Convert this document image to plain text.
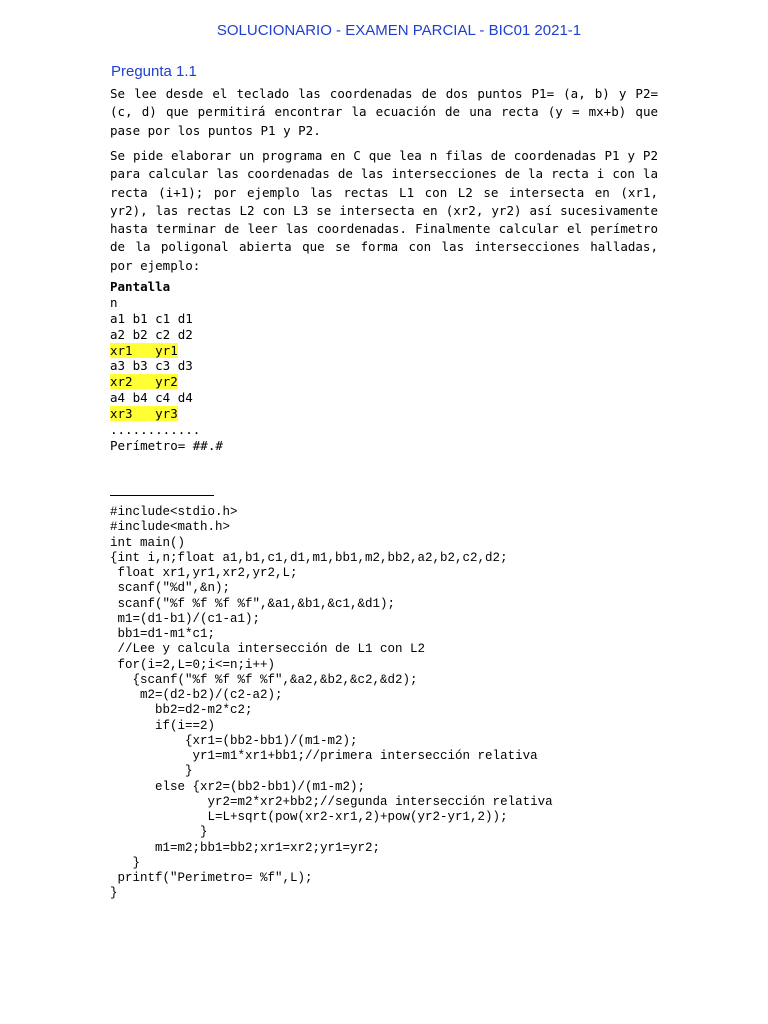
SOLUCIONARIO - EXAMEN PARCIAL - BIC01 2021-1
Pregunta 1.1

Se lee desde el teclado las coordenadas de dos puntos P1= (a, b) y P2= (c, d) que permitirá encontrar la ecuación de una recta (y = mx+b) que pase por los puntos P1 y P2.

Se pide elaborar un programa en C que lea n filas de coordenadas P1 y P2 para calcular las coordenadas de las intersecciones de la recta i con la recta (i+1); por ejemplo las rectas L1 con L2 se intersecta en (xr1, yr2), las rectas L2 con L3 se intersecta en (xr2, yr2) así sucesivamente hasta terminar de leer las coordenadas. Finalmente calcular el perímetro de la poligonal abierta que se forma con las intersecciones halladas, por ejemplo:

Pantalla
n
a1 b1 c1 d1
a2 b2 c2 d2
xr1   yr1
a3 b3 c3 d3
xr2   yr2
a4 b4 c4 d4
xr3   yr3
............
Perímetro= ##.#
#include<stdio.h>
#include<math.h>
int main()
{int i,n;float a1,b1,c1,d1,m1,bb1,m2,bb2,a2,b2,c2,d2;
float xr1,yr1,xr2,yr2,L;
scanf("%d",&n);
scanf("%f %f %f %f",&a1,&b1,&c1,&d1);
m1=(d1-b1)/(c1-a1);
bb1=d1-m1*c1;
//Lee y calcula intersección de L1 con L2
for(i=2,L=0;i<=n;i++)
{scanf("%f %f %f %f",&a2,&b2,&c2,&d2);
m2=(d2-b2)/(c2-a2);
bb2=d2-m2*c2;
if(i==2)
{xr1=(bb2-bb1)/(m1-m2);
yr1=m1*xr1+bb1;//primera intersección relativa
}
else {xr2=(bb2-bb1)/(m1-m2);
yr2=m2*xr2+bb2;//segunda intersección relativa
L=L+sqrt(pow(xr2-xr1,2)+pow(yr2-yr1,2));
}
m1=m2;bb1=bb2;xr1=xr2;yr1=yr2;
}
printf("Perimetro= %f",L);
}
